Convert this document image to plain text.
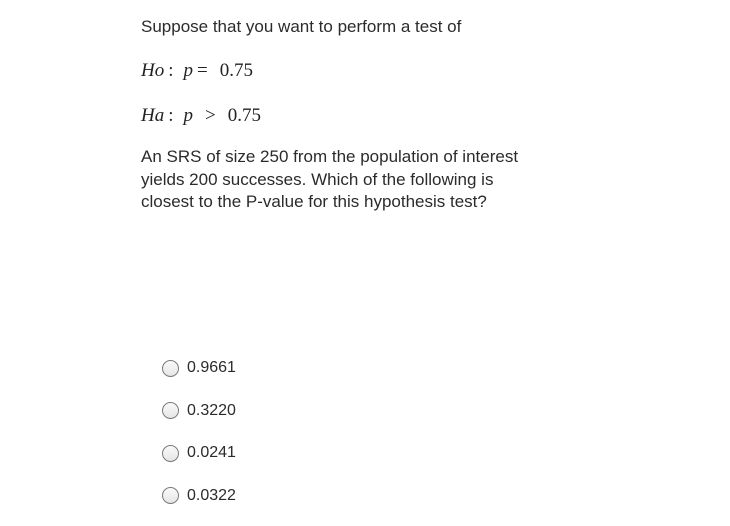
Suppose that you want to perform a test of
Ho : p = 0.75
Ha : p > 0.75
An SRS of size 250 from the population of interest yields 200 successes. Which of the following is closest to the P-value for this hypothesis test?
0.9661
0.3220
0.0241
0.0322
